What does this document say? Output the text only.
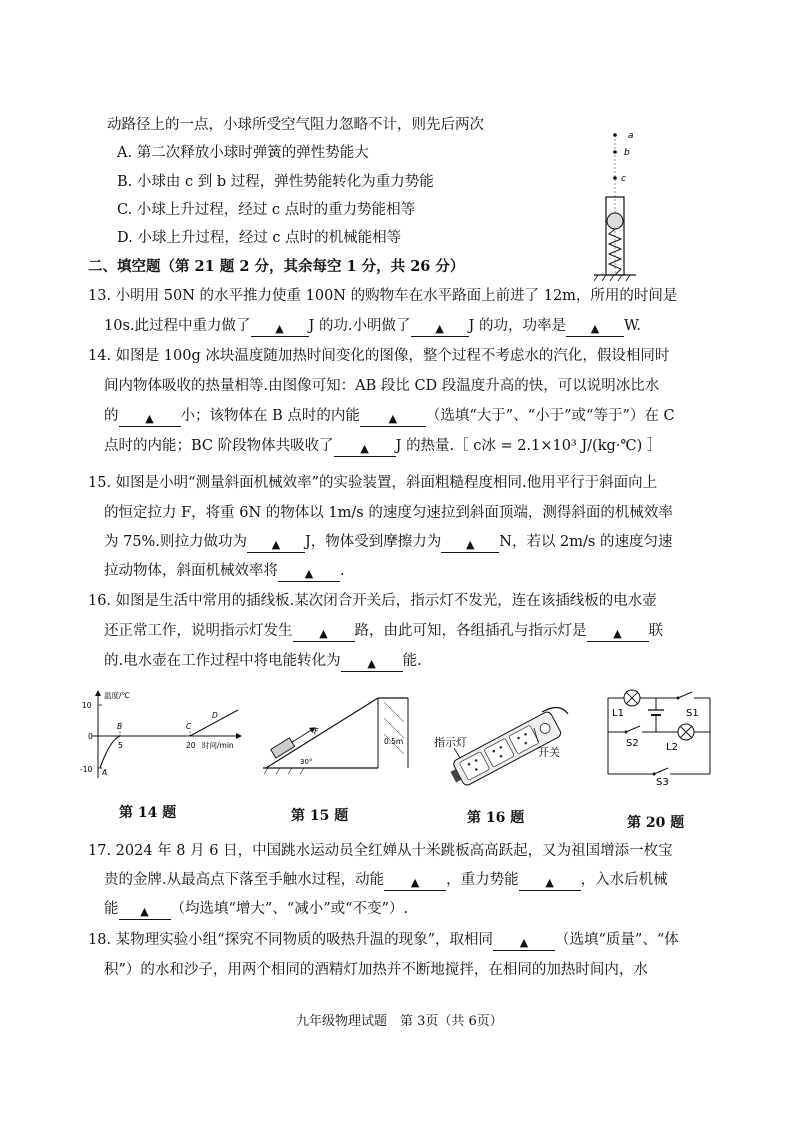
动路径上的一点，小球所受空气阻力忽略不计，则先后两次
A. 第二次释放小球时弹簧的弹性势能大
B. 小球由 c 到 b 过程，弹性势能转化为重力势能
C. 小球上升过程，经过 c 点时的重力势能相等
D. 小球上升过程，经过 c 点时的机械能相等
a
b
c
二、填空题（第 21 题 2 分，其余每空 1 分，共 26 分）
13. 小明用 50N 的水平推力使重 100N 的购物车在水平路面上前进了 12m，所用的时间是
10s.此过程中重力做了 ▲ J 的功.小明做了 ▲ J 的功，功率是 ▲ W.
14. 如图是 100g 冰块温度随加热时间变化的图像，整个过程不考虑水的汽化，假设相同时
间内物体吸收的热量相等.由图像可知：AB 段比 CD 段温度升高的快，可以说明冰比水
的 ▲ 小；该物体在 B 点时的内能	▲ （选填“大于”、“小于”或“等于”）在 C
点时的内能；BC 阶段物体共吸收了 ▲ J 的热量.［ c冰 = 2.1×10³ J/(kg·℃) ］
15. 如图是小明“测量斜面机械效率”的实验装置，斜面粗糙程度相同.他用平行于斜面向上
的恒定拉力 F，将重 6N 的物体以 1m/s 的速度匀速拉到斜面顶端，测得斜面的机械效率
为 75%.则拉力做功为 ▲ J，物体受到摩擦力为 ▲ N，若以 2m/s 的速度匀速
拉动物体，斜面机械效率将 ▲ .
16. 如图是生活中常用的插线板.某次闭合开关后，指示灯不发光，连在该插线板的电水壶
还正常工作，说明指示灯发生 ▲ 路，由此可知，各组插孔与指示灯是 ▲ 联
的.电水壶在工作过程中将电能转化为 ▲ 能.
温度/℃
时间/min
10
0
-10
5	20
A
B	C
D
0.5m
F
30°
指示灯
开关
L1	S1
S2	L2
S3
第 14 题	第 15 题	第 16 题	第 20 题
17. 2024 年 8 月 6 日，中国跳水运动员全红婵从十米跳板高高跃起，又为祖国增添一枚宝
贵的金牌.从最高点下落至手触水过程，动能 ▲ ，重力势能 ▲ ，入水后机械
能 ▲ （均选填“增大”、“减小”或“不变”）.
18. 某物理实验小组“探究不同物质的吸热升温的现象”，取相同 ▲ （选填“质量”、“体
积”）的水和沙子，用两个相同的酒精灯加热并不断地搅拌，在相同的加热时间内，水
九年级物理试题　第 3页（共 6页）
